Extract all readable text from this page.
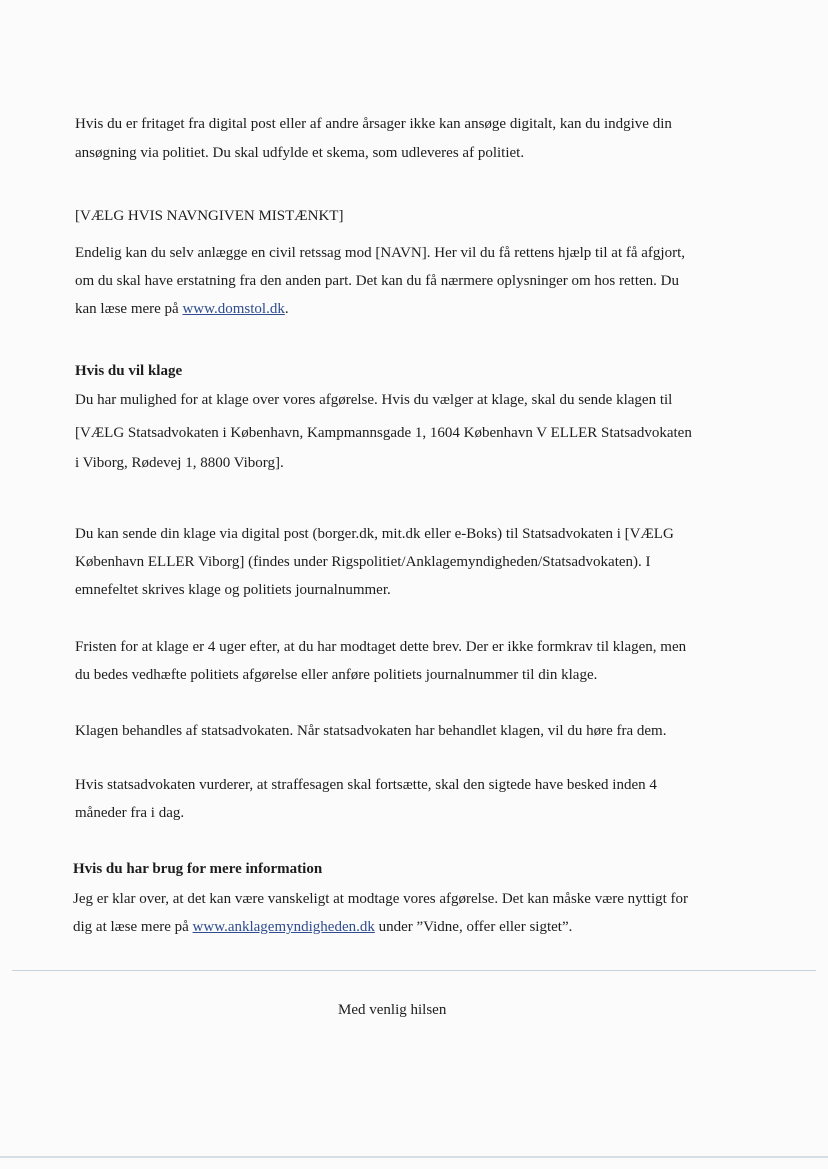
Hvis du er fritaget fra digital post eller af andre årsager ikke kan ansøge digitalt, kan du indgive din

ansøgning via politiet. Du skal udfylde et skema, som udleveres af politiet.

[VÆLG HVIS NAVNGIVEN MISTÆNKT]

Endelig kan du selv anlægge en civil retssag mod [NAVN]. Her vil du få rettens hjælp til at få afgjort,

om du skal have erstatning fra den anden part. Det kan du få nærmere oplysninger om hos retten. Du

kan læse mere på www.domstol.dk.

Hvis du vil klage

Du har mulighed for at klage over vores afgørelse. Hvis du vælger at klage, skal du sende klagen til

[VÆLG Statsadvokaten i København, Kampmannsgade 1, 1604 København V ELLER Statsadvokaten

i Viborg, Rødevej 1, 8800 Viborg].

Du kan sende din klage via digital post (borger.dk, mit.dk eller e-Boks) til Statsadvokaten i [VÆLG

København ELLER Viborg] (findes under Rigspolitiet/Anklagemyndigheden/Statsadvokaten). I

emnefeltet skrives klage og politiets journalnummer.

Fristen for at klage er 4 uger efter, at du har modtaget dette brev. Der er ikke formkrav til klagen, men

du bedes vedhæfte politiets afgørelse eller anføre politiets journalnummer til din klage.

Klagen behandles af statsadvokaten. Når statsadvokaten har behandlet klagen, vil du høre fra dem.

Hvis statsadvokaten vurderer, at straffesagen skal fortsætte, skal den sigtede have besked inden 4

måneder fra i dag.

Hvis du har brug for mere information

Jeg er klar over, at det kan være vanskeligt at modtage vores afgørelse. Det kan måske være nyttigt for

dig at læse mere på www.anklagemyndigheden.dk under ”Vidne, offer eller sigtet”.

Med venlig hilsen
